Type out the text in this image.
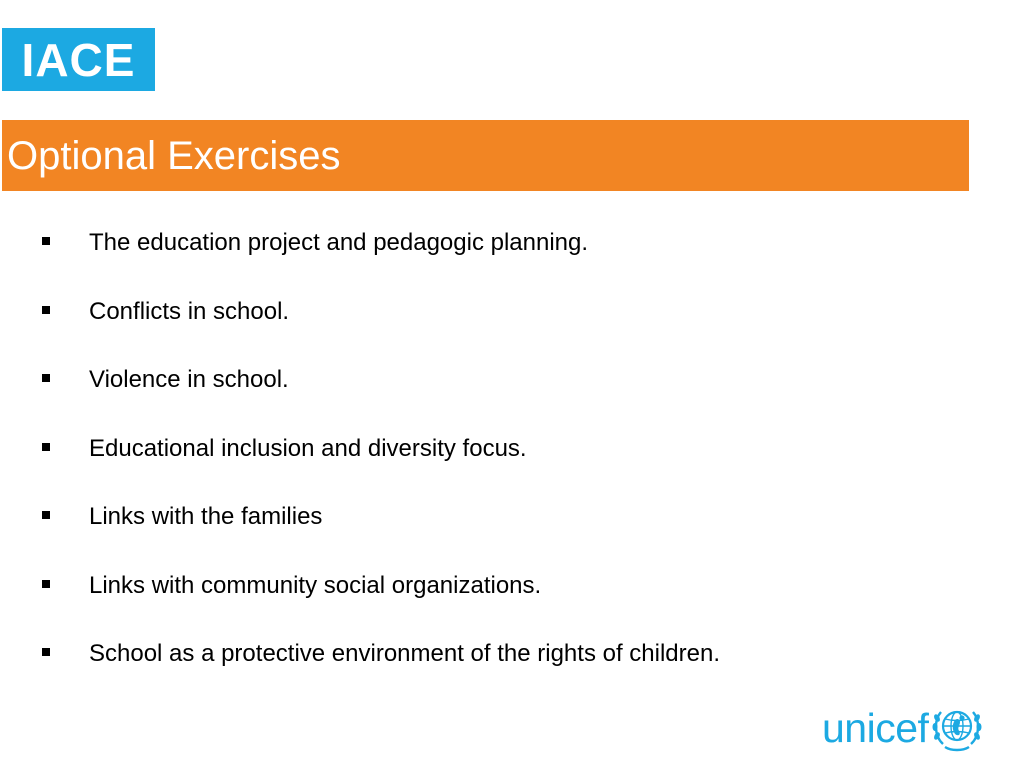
IACE
Optional Exercises
The education project and pedagogic planning.
Conflicts in school.
Violence in school.
Educational inclusion and diversity focus.
Links with the families
Links with community social organizations.
School as a protective environment of the rights of children.
unicef
